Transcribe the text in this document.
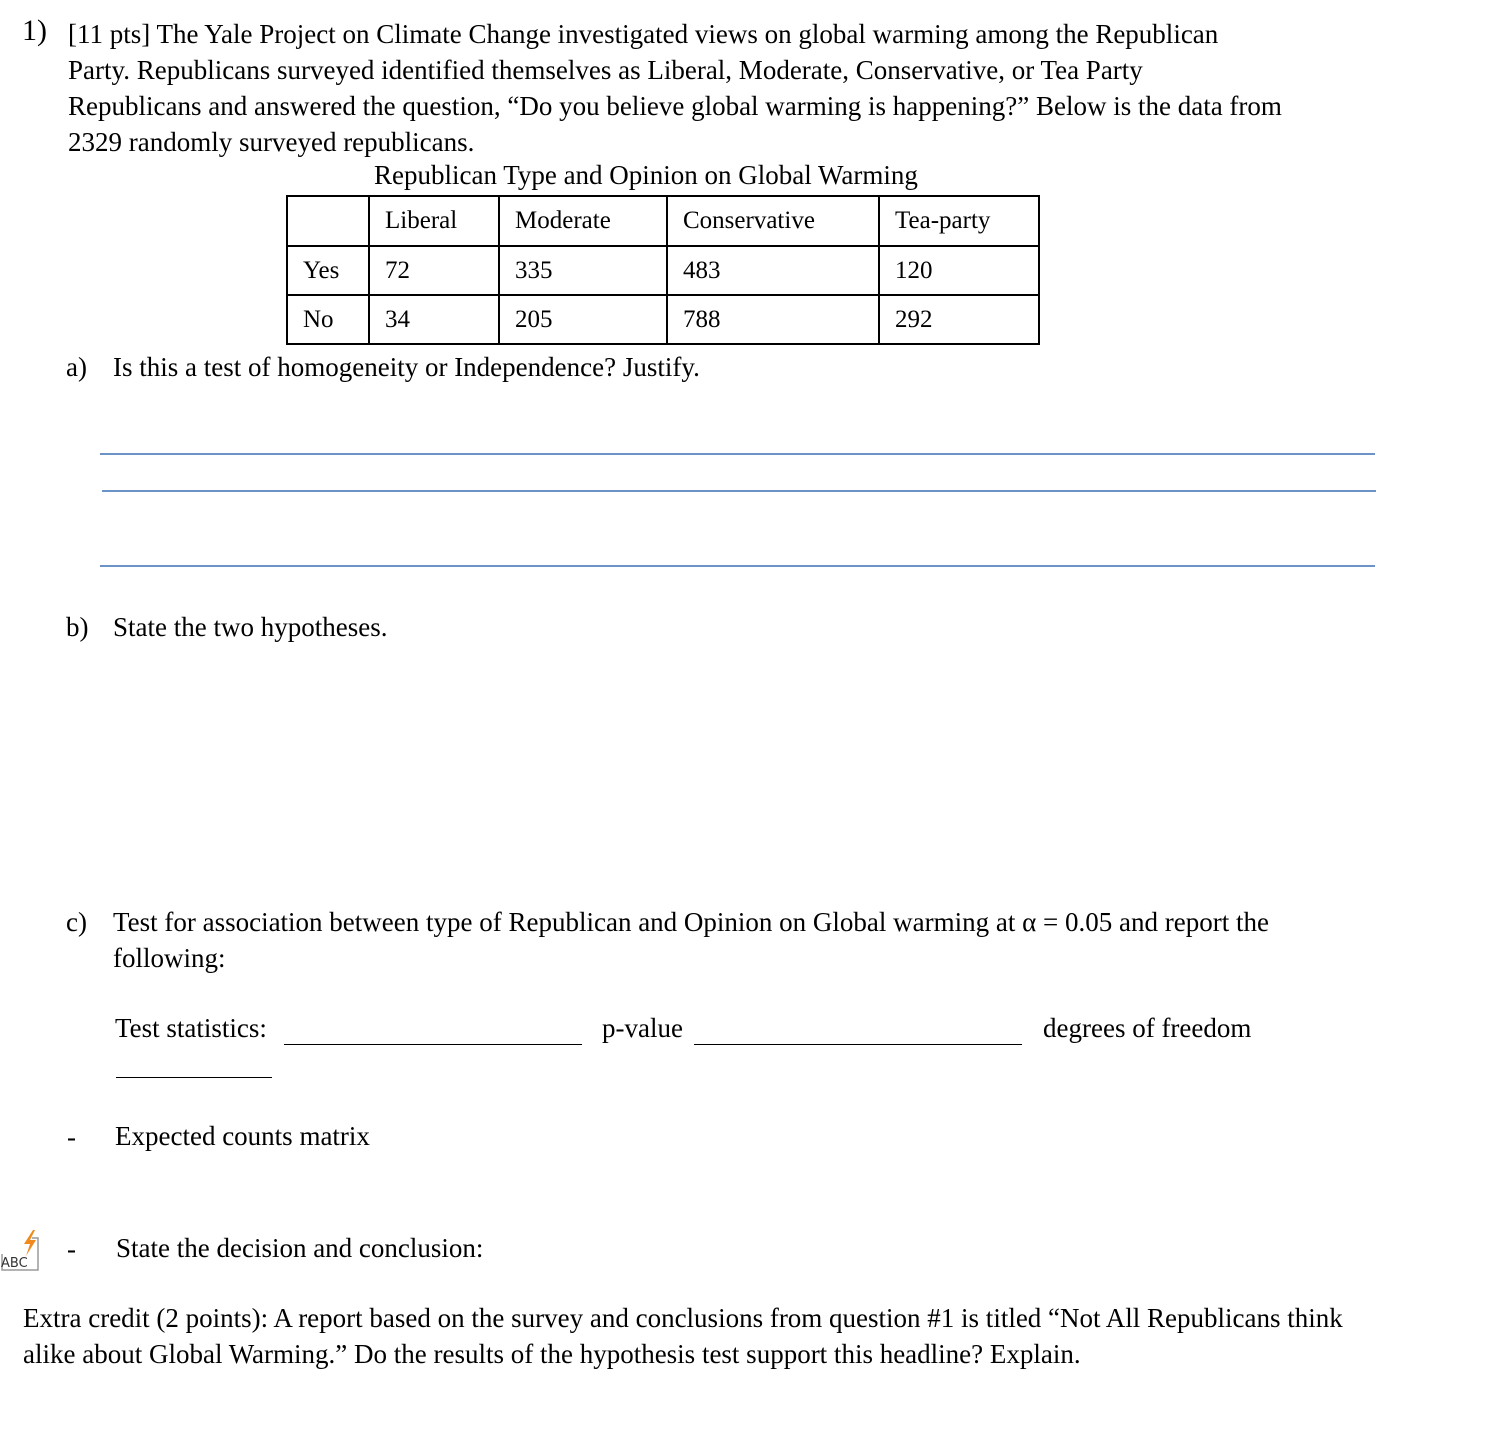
1) [11 pts] The Yale Project on Climate Change investigated views on global warming among the Republican
Party. Republicans surveyed identified themselves as Liberal, Moderate, Conservative, or Tea Party
Republicans and answered the question, “Do you believe global warming is happening?” Below is the data from
2329 randomly surveyed republicans.
Republican Type and Opinion on Global Warming
	Liberal	Moderate	Conservative	Tea-party
Yes	72	335	483	120
No	34	205	788	292
a) Is this a test of homogeneity or Independence? Justify.
b) State the two hypotheses.
c) Test for association between type of Republican and Opinion on Global warming at α = 0.05 and report the
following:
Test statistics:	p-value	degrees of freedom
- Expected counts matrix
- State the decision and conclusion:
ABC
Extra credit (2 points): A report based on the survey and conclusions from question #1 is titled “Not All Republicans think
alike about Global Warming.” Do the results of the hypothesis test support this headline? Explain.
